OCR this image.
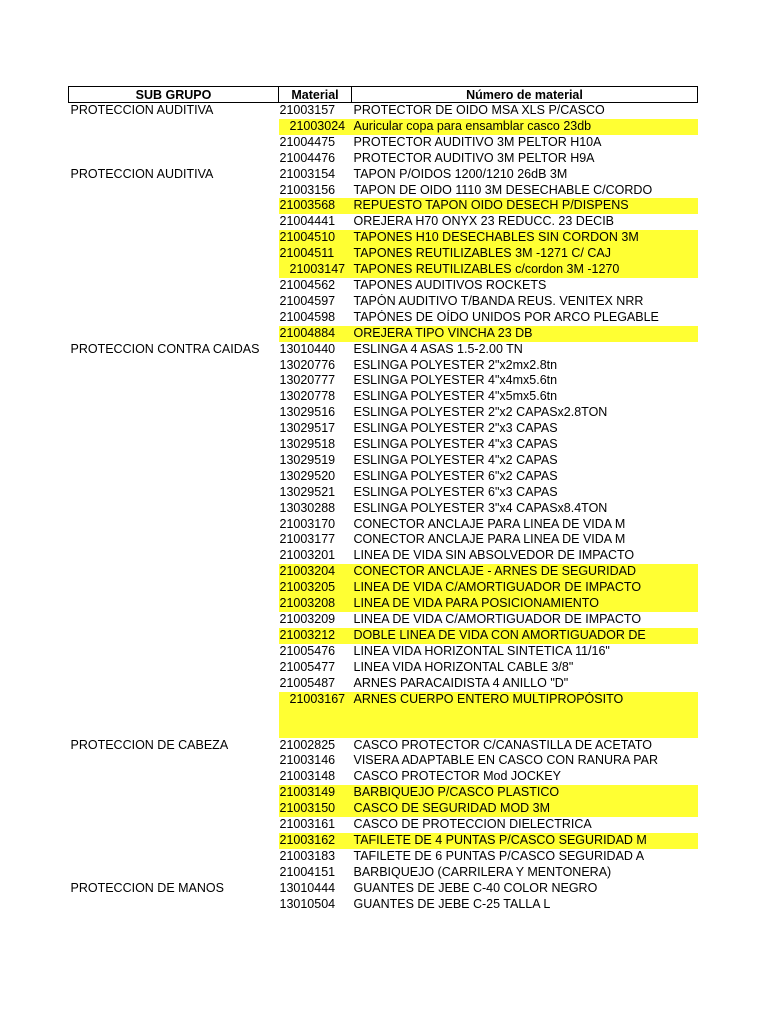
SUB GRUPO	Material	Número de material
PROTECCION AUDITIVA	21003157	PROTECTOR DE OIDO MSA XLS P/CASCO
	21003024	Auricular copa para ensamblar casco 23db
	21004475	PROTECTOR AUDITIVO 3M PELTOR H10A
	21004476	PROTECTOR AUDITIVO 3M PELTOR H9A
PROTECCION AUDITIVA	21003154	TAPON P/OIDOS 1200/1210 26dB 3M
	21003156	TAPON DE OIDO 1110 3M DESECHABLE C/CORDO
	21003568	REPUESTO TAPON OIDO DESECH P/DISPENS
	21004441	OREJERA H70 ONYX 23 REDUCC. 23 DECIB
	21004510	TAPONES H10 DESECHABLES SIN CORDON 3M
	21004511	TAPONES REUTILIZABLES 3M -1271 C/ CAJ
	21003147	TAPONES REUTILIZABLES c/cordon 3M -1270
	21004562	TAPONES AUDITIVOS ROCKETS
	21004597	TAPÓN AUDITIVO T/BANDA REUS. VENITEX NRR
	21004598	TAPÓNES DE OÍDO UNIDOS POR ARCO PLEGABLE
	21004884	OREJERA TIPO VINCHA 23 DB
PROTECCION CONTRA CAIDAS	13010440	ESLINGA 4 ASAS 1.5-2.00 TN
	13020776	ESLINGA POLYESTER 2"x2mx2.8tn
	13020777	ESLINGA POLYESTER 4"x4mx5.6tn
	13020778	ESLINGA POLYESTER 4"x5mx5.6tn
	13029516	ESLINGA POLYESTER 2"x2 CAPASx2.8TON
	13029517	ESLINGA POLYESTER 2"x3 CAPAS
	13029518	ESLINGA POLYESTER 4"x3 CAPAS
	13029519	ESLINGA POLYESTER 4"x2 CAPAS
	13029520	ESLINGA POLYESTER 6"x2 CAPAS
	13029521	ESLINGA POLYESTER 6"x3 CAPAS
	13030288	ESLINGA POLYESTER 3"x4 CAPASx8.4TON
	21003170	CONECTOR ANCLAJE PARA LINEA DE VIDA M
	21003177	CONECTOR ANCLAJE PARA LINEA DE VIDA M
	21003201	LINEA DE VIDA SIN ABSOLVEDOR DE IMPACTO
	21003204	CONECTOR ANCLAJE - ARNES DE SEGURIDAD
	21003205	LINEA DE VIDA C/AMORTIGUADOR DE IMPACTO
	21003208	LINEA DE VIDA PARA POSICIONAMIENTO
	21003209	LINEA DE VIDA C/AMORTIGUADOR DE IMPACTO
	21003212	DOBLE LINEA DE VIDA CON AMORTIGUADOR DE
	21005476	LINEA VIDA HORIZONTAL SINTETICA 11/16"
	21005477	LINEA VIDA HORIZONTAL CABLE 3/8"
	21005487	ARNES PARACAIDISTA 4 ANILLO "D"
	21003167	ARNES CUERPO ENTERO MULTIPROPÓSITO
PROTECCION DE CABEZA	21002825	CASCO PROTECTOR C/CANASTILLA DE ACETATO
	21003146	VISERA ADAPTABLE EN CASCO CON RANURA PAR
	21003148	CASCO PROTECTOR Mod JOCKEY
	21003149	BARBIQUEJO P/CASCO PLASTICO
	21003150	CASCO DE SEGURIDAD MOD 3M
	21003161	CASCO DE PROTECCION DIELECTRICA
	21003162	TAFILETE DE 4 PUNTAS P/CASCO SEGURIDAD M
	21003183	TAFILETE DE 6 PUNTAS P/CASCO SEGURIDAD A
	21004151	BARBIQUEJO (CARRILERA Y MENTONERA)
PROTECCION DE MANOS	13010444	GUANTES DE JEBE C-40 COLOR NEGRO
	13010504	GUANTES DE JEBE C-25 TALLA L
